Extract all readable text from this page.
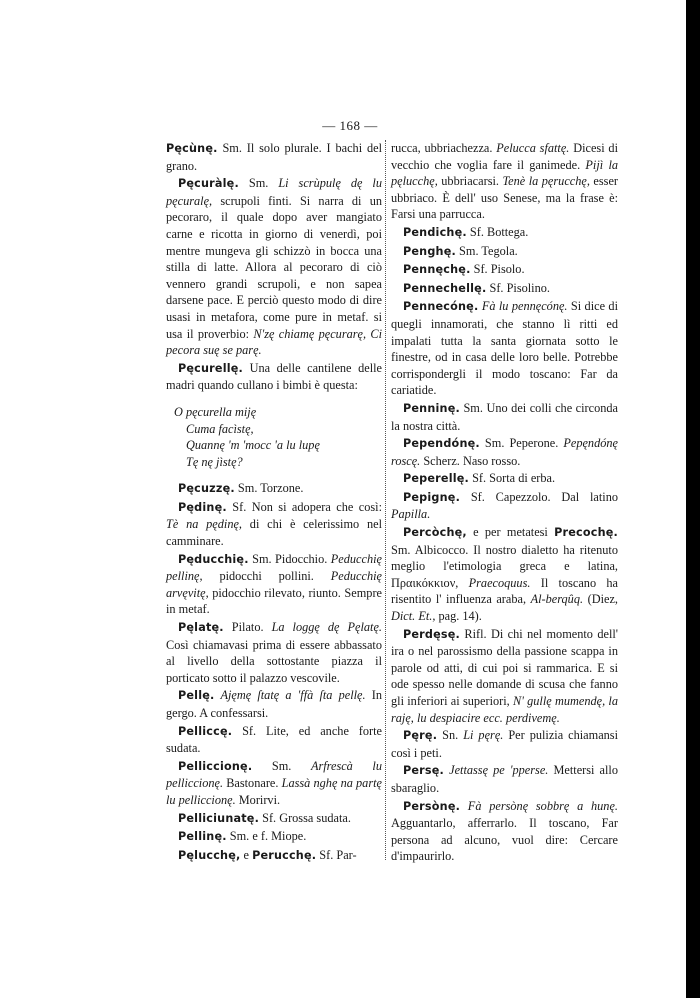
— 168 —
Pęcùnę. Sm. Il solo plurale. I bachi del grano.
Pęcuràlę. Sm. Li scrùpulę dę lu pęcuralę, scrupoli finti. Si narra di un pecoraro, il quale dopo aver mangiato carne e ricotta in giorno di venerdì, poi mentre mungeva gli schizzò in bocca una stilla di latte. Allora al pecoraro di ciò vennero grandi scrupoli, e non sapea darsene pace. E perciò questo modo di dire usasi in metafora, come pure in metaf. si usa il proverbio: N'zę chiamę pęcurarę, Ci pecora suę se parę.
Pęcurellę. Una delle cantilene delle madri quando cullano i bimbi è questa:
O pęcurella miję
Cuma facìstę,
Quannę 'm 'mocc 'a lu lupę
Tę nę jìstę?
Pęcuzzę. Sm. Torzone.
Pędinę. Sf. Non si adopera che così: Tè na pędinę, di chi è celerissimo nel camminare.
Pęducchię. Sm. Pidocchio. Peducchię pellinę, pidocchi pollini. Peducchię arvęvitę, pidocchio rilevato, riunto. Sempre in metaf.
Pęlatę. Pilato. La loggę dę Pęlatę. Così chiamavasi prima di essere abbassato al livello della sottostante piazza il porticato sotto il palazzo vescovile.
Pellę. Ajęmę ſtatę a 'ffà ſta pellę. In gergo. A confessarsi.
Pelliccę. Sf. Lite, ed anche forte sudata.
Pelliccionę. Sm. Arfrescà lu pelliccionę. Bastonare. Lassà nghę na partę lu pelliccionę. Morirvi.
Pelliciunatę. Sf. Grossa sudata.
Pellinę. Sm. e f. Miope.
Pęlucchę, e Perucchę. Sf. Par-
rucca, ubbriachezza. Pelucca sfattę. Dicesi di vecchio che voglia fare il ganimede. Pijì la pęlucchę, ubbriacarsi. Tenè la pęrucchę, esser ubbriaco. È dell' uso Senese, ma la frase è: Farsi una parrucca.
Pendichę. Sf. Bottega.
Penghę. Sm. Tegola.
Pennęchę. Sf. Pisolo.
Pennechellę. Sf. Pisolino.
Pennecónę. Fà lu pennęcónę. Si dice di quegli innamorati, che stanno lì ritti ed impalati tutta la santa giornata sotto le finestre, od in casa delle loro belle. Potrebbe corrispondergli il modo toscano: Far da cariatide.
Penninę. Sm. Uno dei colli che circonda la nostra città.
Pependónę. Sm. Peperone. Pepęndónę roscę. Scherz. Naso rosso.
Peperellę. Sf. Sorta di erba.
Pepignę. Sf. Capezzolo. Dal latino Papilla.
Percòchę, e per metatesi Precochę. Sm. Albicocco. Il nostro dialetto ha ritenuto meglio l'etimologia greca e latina, Πραικόκκιον, Praecoquus. Il toscano ha risentito l' influenza araba, Al-berqûq. (Diez, Dict. Et., pag. 14).
Perdęsę. Rifl. Di chi nel momento dell' ira o nel parossismo della passione scappa in parole od atti, di cui poi si rammarica. E si ode spesso nelle domande di scusa che fanno gli inferiori ai superiori, N' gullę mumendę, la raję, lu despiacire ecc. perdivemę.
Pęrę. Sn. Li pęrę. Per pulizia chiamansi così i peti.
Persę. Jettassę pe 'pperse. Mettersi allo sbaraglio.
Persònę. Fà persònę sobbrę a hunę. Agguantarlo, afferrarlo. Il toscano, Far persona ad alcuno, vuol dire: Cercare d'impaurirlo.
